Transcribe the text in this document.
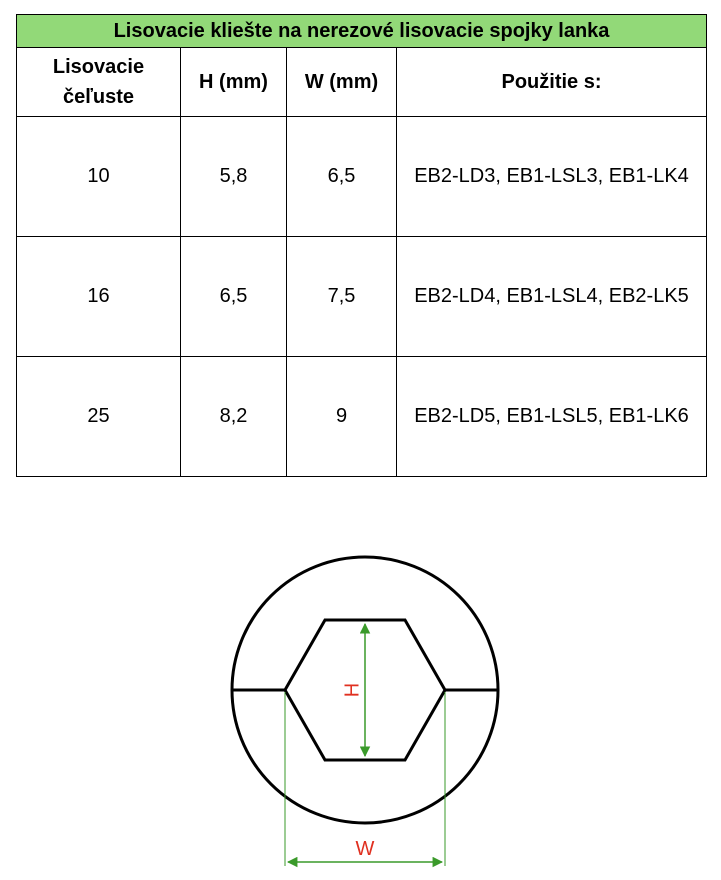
Lisovacie kliešte na nerezové lisovacie spojky lanka			

Lisovacie
čeľuste	H (mm)	W (mm)	Použitie s:
10	5,8	6,5	EB2-LD3, EB1-LSL3, EB1-LK4
16	6,5	7,5	EB2-LD4, EB1-LSL4, EB2-LK5
25	8,2	9	EB2-LD5, EB1-LSL5, EB1-LK6
H
W
